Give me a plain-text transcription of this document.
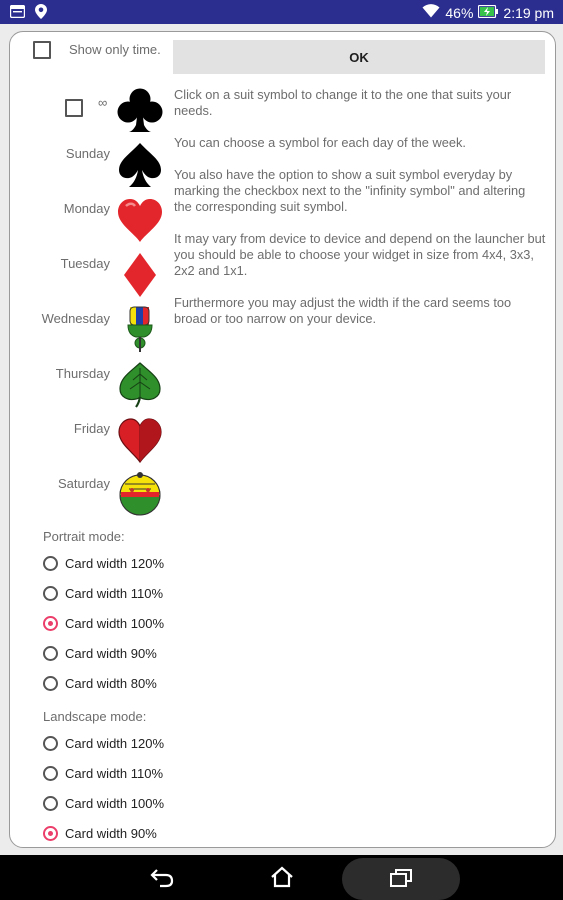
46% 2:19 pm
Show only time.	OK

Click on a suit symbol to change it to the one that suits your needs.

You can choose a symbol for each day of the week.

You also have the option to show a suit symbol everyday by marking the checkbox next to the "infinity symbol" and altering the corresponding suit symbol.

It may vary from device to device and depend on the launcher but you should be able to choose your widget in size from 4x4, 3x3, 2x2 and 1x1.

Furthermore you may adjust the width if the card seems too broad or too narrow on your device.

∞
Sunday
Monday
Tuesday
Wednesday
Thursday
Friday
Saturday
Portrait mode:
Card width 120%
Card width 110%
Card width 100%
Card width 90%
Card width 80%
Landscape mode:
Card width 120%
Card width 110%
Card width 100%
Card width 90%
